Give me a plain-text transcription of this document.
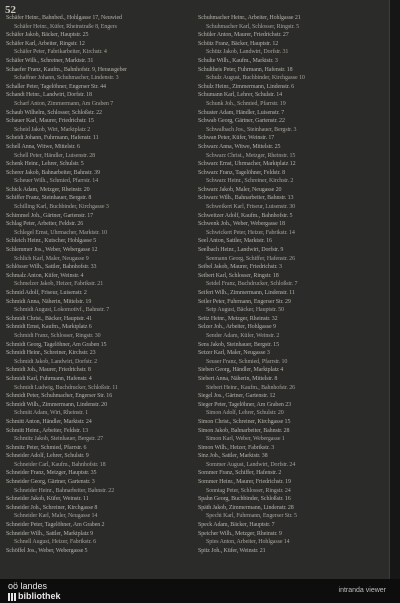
52
Schäfer Heinr., Bahnbed., Hohlgasse 17, Neuwied
Schäfer Heinr., Küfer, Rheinstraße 8, Engers
Schäfer Jakob, Bäcker, Hauptstr. 25
Schäfer Karl, Arbeiter, Ringstr. 12
Schäfer Peter, Fabrikarbeiter, Kirchstr. 4
Schäfer Wilh., Schreiner, Marktstr. 31
Schaefer Franz, Kaufm., Bahnhofstr. 9, Herausgeber
Schaffner Johann, Schuhmacher, Lindenstr. 3
Schaller Peter, Tagelöhner, Engerser Str. 44
Schandt Heinr., Landwirt, Dorfstr. 18
Scharf Anton, Zimmermann, Am Graben 7
Schaub Wilhelm, Schlosser, Schloßstr. 22
Schauer Karl, Maurer, Friedrichstr. 15
Scheid Jakob, Wirt, Marktplatz 2
Scheidt Johann, Fuhrmann, Hafenstr. 11
Schell Anna, Witwe, Mittelstr. 6
Schell Peter, Händler, Luisenstr. 28
Schenk Heinr., Lehrer, Schulstr. 5
Scherer Jakob, Bahnarbeiter, Bahnstr. 39
Scheuer Wilh., Schmied, Pfarrstr. 14
Schick Adam, Metzger, Rheinstr. 20
Schiffer Franz, Steinhauer, Bergstr. 8
Schilling Karl, Buchbinder, Kirchgasse 3
Schimmel Joh., Gärtner, Gartenstr. 17
Schlag Peter, Arbeiter, Feldstr. 26
Schlegel Ernst, Uhrmacher, Marktstr. 10
Schleich Heinr., Kutscher, Hohlgasse 5
Schlemmer Jos., Weber, Webergasse 12
Schlich Karl, Maler, Neugasse 9
Schlösser Wilh., Sattler, Bahnhofstr. 33
Schmalz Anton, Küfer, Weinstr. 4
Schmelzer Jakob, Heizer, Fabrikstr. 21
Schmid Adolf, Friseur, Luisenstr. 2
Schmidt Anna, Näherin, Mittelstr. 19
Schmidt August, Lokomotivf., Bahnstr. 7
Schmidt Christ., Bäcker, Hauptstr. 41
Schmidt Ernst, Kaufm., Marktplatz 6
Schmidt Franz, Schlosser, Ringstr. 30
Schmidt Georg, Tagelöhner, Am Graben 15
Schmidt Heinr., Schreiner, Kirchstr. 23
Schmidt Jakob, Landwirt, Dorfstr. 2
Schmidt Joh., Maurer, Friedrichstr. 8
Schmidt Karl, Fuhrmann, Hafenstr. 4
Schmidt Ludwig, Buchdrucker, Schloßstr. 11
Schmidt Peter, Schuhmacher, Engerser Str. 16
Schmidt Wilh., Zimmermann, Lindenstr. 20
Schmitt Adam, Wirt, Rheinstr. 1
Schmitt Anton, Händler, Marktstr. 24
Schmitt Heinr., Arbeiter, Feldstr. 13
Schmitz Jakob, Steinhauer, Bergstr. 27
Schmitz Peter, Schmied, Pfarrstr. 6
Schneider Adolf, Lehrer, Schulstr. 9
Schneider Carl, Kaufm., Bahnhofstr. 18
Schneider Franz, Metzger, Hauptstr. 35
Schneider Georg, Gärtner, Gartenstr. 3
Schneider Heinr., Bahnarbeiter, Bahnstr. 22
Schneider Jakob, Küfer, Weinstr. 11
Schneider Joh., Schreiner, Kirchgasse 8
Schneider Karl, Maler, Neugasse 14
Schneider Peter, Tagelöhner, Am Graben 2
Schneider Wilh., Sattler, Marktplatz 9
Schnell August, Heizer, Fabrikstr. 6
Schöffel Jos., Weber, Webergasse 5
Schuhmacher Heinr., Arbeiter, Hohlgasse 21
Schuhmacher Karl, Schlosser, Ringstr. 5
Schüler Anton, Maurer, Friedrichstr. 27
Schütz Franz, Bäcker, Hauptstr. 12
Schütz Jakob, Landwirt, Dorfstr. 31
Schulte Wilh., Kaufm., Marktstr. 3
Schultheis Peter, Fuhrmann, Hafenstr. 18
Schulz August, Buchbinder, Kirchgasse 10
Schulz Heinr., Zimmermann, Lindenstr. 6
Schumann Karl, Lehrer, Schulstr. 14
Schunk Joh., Schmied, Pfarrstr. 19
Schuster Adam, Händler, Luisenstr. 7
Schwab Georg, Gärtner, Gartenstr. 22
Schwalbach Jos., Steinhauer, Bergstr. 3
Schwan Peter, Küfer, Weinstr. 17
Schwarz Anna, Witwe, Mittelstr. 25
Schwarz Christ., Metzger, Rheinstr. 15
Schwarz Ernst, Uhrmacher, Marktplatz 12
Schwarz Franz, Tagelöhner, Feldstr. 8
Schwarz Heinr., Schreiner, Kirchstr. 2
Schwarz Jakob, Maler, Neugasse 20
Schwarz Wilh., Bahnarbeiter, Bahnstr. 13
Schweikert Karl, Friseur, Luisenstr. 30
Schweitzer Adolf, Kaufm., Bahnhofstr. 5
Schwenk Joh., Weber, Webergasse 18
Schwickert Peter, Heizer, Fabrikstr. 14
Seel Anton, Sattler, Marktstr. 16
Seelbach Heinr., Landwirt, Dorfstr. 9
Seemann Georg, Schiffer, Hafenstr. 26
Seibel Jakob, Maurer, Friedrichstr. 3
Seibert Karl, Schlosser, Ringstr. 18
Seidel Franz, Buchdrucker, Schloßstr. 7
Seifert Wilh., Zimmermann, Lindenstr. 11
Seiler Peter, Fuhrmann, Engerser Str. 29
Seip August, Bäcker, Hauptstr. 50
Seitz Heinr., Metzger, Rheinstr. 32
Selzer Joh., Arbeiter, Hohlgasse 9
Sender Adam, Küfer, Weinstr. 2
Sens Jakob, Steinhauer, Bergstr. 15
Setzer Karl, Maler, Neugasse 3
Seuser Franz, Schmied, Pfarrstr. 10
Sieben Georg, Händler, Marktplatz 4
Siebert Anna, Näherin, Mittelstr. 8
Siebert Heinr., Kaufm., Bahnhofstr. 26
Siegel Jos., Gärtner, Gartenstr. 12
Sieger Peter, Tagelöhner, Am Graben 23
Simon Adolf, Lehrer, Schulstr. 20
Simon Christ., Schreiner, Kirchgasse 15
Simon Jakob, Bahnarbeiter, Bahnstr. 28
Simon Karl, Weber, Webergasse 1
Simon Wilh., Heizer, Fabrikstr. 3
Sinz Joh., Sattler, Marktstr. 38
Sommer August, Landwirt, Dorfstr. 24
Sommer Franz, Schiffer, Hafenstr. 2
Sommer Heinr., Maurer, Friedrichstr. 19
Sonntag Peter, Schlosser, Ringstr. 24
Spahn Georg, Buchbinder, Schloßstr. 16
Späth Jakob, Zimmermann, Lindenstr. 28
Specht Karl, Fuhrmann, Engerser Str. 5
Speck Adam, Bäcker, Hauptstr. 7
Speicher Wilh., Metzger, Rheinstr. 9
Spies Anton, Arbeiter, Hohlgasse 14
Spitz Joh., Küfer, Weinstr. 21
oö landes
bibliothek
intranda viewer
